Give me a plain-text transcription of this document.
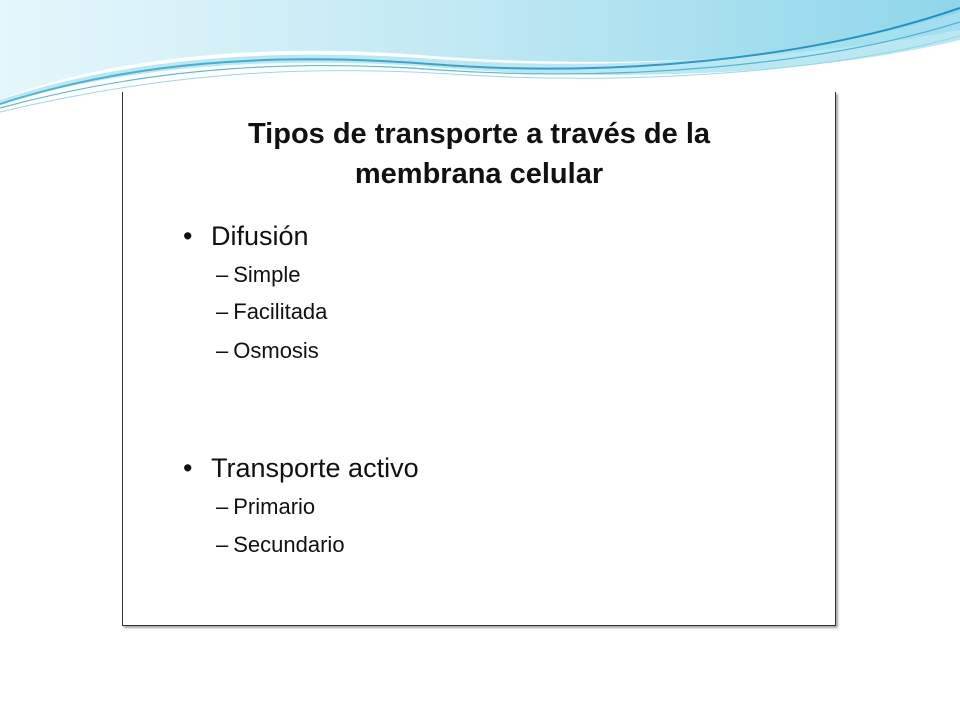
Tipos de transporte a través de la
membrana celular
• Difusión
– Simple
– Facilitada
– Osmosis
• Transporte activo
– Primario
– Secundario
